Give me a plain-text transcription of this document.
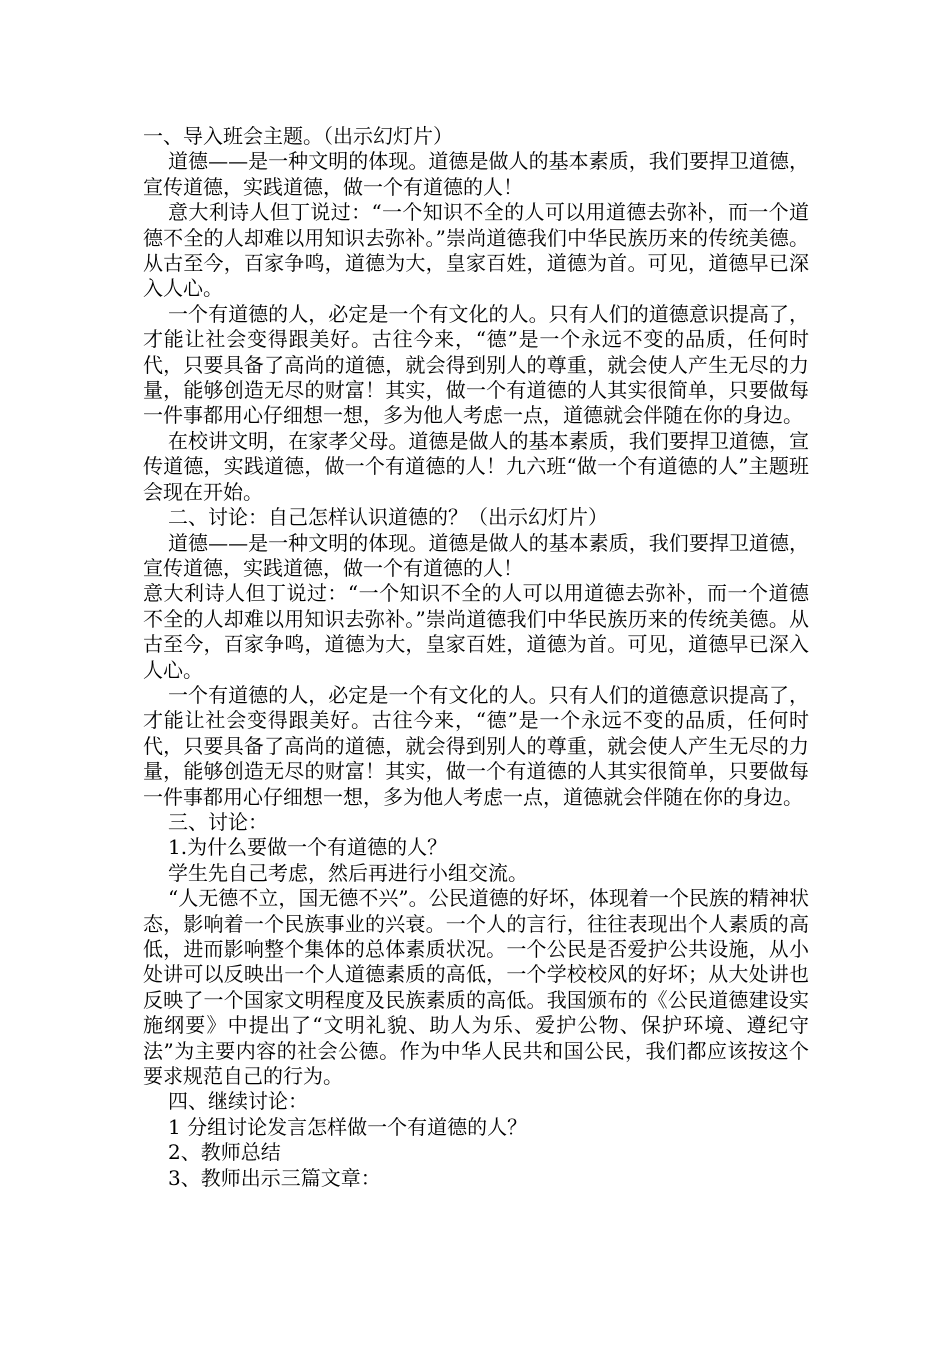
一、导入班会主题。（出示幻灯片）

道德——是一种文明的体现。道德是做人的基本素质，我们要捍卫道德，宣传道德，实践道德，做一个有道德的人！

意大利诗人但丁说过：“一个知识不全的人可以用道德去弥补，而一个道德不全的人却难以用知识去弥补。”崇尚道德我们中华民族历来的传统美德。从古至今，百家争鸣，道德为大，皇家百姓，道德为首。可见，道德早已深入人心。

一个有道德的人，必定是一个有文化的人。只有人们的道德意识提高了，才能让社会变得跟美好。古往今来，“德”是一个永远不变的品质，任何时代，只要具备了高尚的道德，就会得到别人的尊重，就会使人产生无尽的力量，能够创造无尽的财富！其实，做一个有道德的人其实很简单，只要做每一件事都用心仔细想一想，多为他人考虑一点，道德就会伴随在你的身边。

在校讲文明，在家孝父母。道德是做人的基本素质，我们要捍卫道德，宣传道德，实践道德，做一个有道德的人！九六班“做一个有道德的人”主题班会现在开始。

二、讨论：自己怎样认识道德的？（出示幻灯片）

道德——是一种文明的体现。道德是做人的基本素质，我们要捍卫道德，宣传道德，实践道德，做一个有道德的人！

意大利诗人但丁说过：“一个知识不全的人可以用道德去弥补，而一个道德不全的人却难以用知识去弥补。”崇尚道德我们中华民族历来的传统美德。从古至今，百家争鸣，道德为大，皇家百姓，道德为首。可见，道德早已深入人心。

一个有道德的人，必定是一个有文化的人。只有人们的道德意识提高了，才能让社会变得跟美好。古往今来，“德”是一个永远不变的品质，任何时代，只要具备了高尚的道德，就会得到别人的尊重，就会使人产生无尽的力量，能够创造无尽的财富！其实，做一个有道德的人其实很简单，只要做每一件事都用心仔细想一想，多为他人考虑一点，道德就会伴随在你的身边。

三、讨论：

1.为什么要做一个有道德的人？

学生先自己考虑，然后再进行小组交流。

“人无德不立，国无德不兴”。公民道德的好坏，体现着一个民族的精神状态，影响着一个民族事业的兴衰。一个人的言行，往往表现出个人素质的高低，进而影响整个集体的总体素质状况。一个公民是否爱护公共设施，从小处讲可以反映出一个人道德素质的高低，一个学校校风的好坏；从大处讲也反映了一个国家文明程度及民族素质的高低。我国颁布的《公民道德建设实施纲要》中提出了“文明礼貌、助人为乐、爱护公物、保护环境、遵纪守法”为主要内容的社会公德。作为中华人民共和国公民，我们都应该按这个要求规范自己的行为。

四、继续讨论：

1 分组讨论发言怎样做一个有道德的人？

2、教师总结

3、教师出示三篇文章：
